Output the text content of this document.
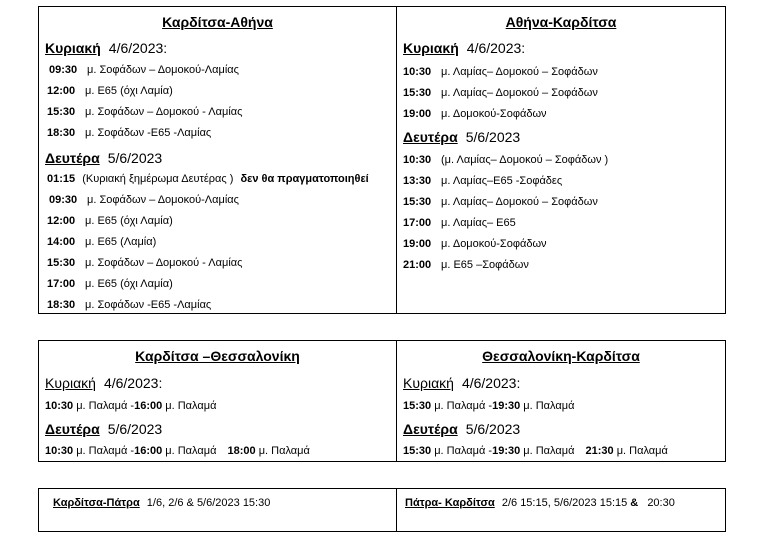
Καρδίτσα-Αθήνα
Κυριακή 4/6/2023:
09:30 μ. Σοφάδων – Δομοκού-Λαμίας
12:00 μ. Ε65 (όχι Λαμία)
15:30 μ. Σοφάδων – Δομοκού - Λαμίας
18:30 μ. Σοφάδων -Ε65 -Λαμίας
Δευτέρα 5/6/2023
01:15 (Κυριακή ξημέρωμα Δευτέρας ) δεν θα πραγματοποιηθεί
09:30 μ. Σοφάδων – Δομοκού-Λαμίας
12:00 μ. Ε65 (όχι Λαμία)
14:00 μ. Ε65 (Λαμία)
15:30 μ. Σοφάδων – Δομοκού - Λαμίας
17:00 μ. Ε65 (όχι Λαμία)
18:30 μ. Σοφάδων -Ε65 -Λαμίας
Αθήνα-Καρδίτσα
Κυριακή 4/6/2023:
10:30 μ. Λαμίας– Δομοκού – Σοφάδων
15:30 μ. Λαμίας– Δομοκού – Σοφάδων
19:00 μ. Δομοκού-Σοφάδων
Δευτέρα 5/6/2023
10:30 (μ. Λαμίας– Δομοκού – Σοφάδων )
13:30 μ. Λαμίας–Ε65 -Σοφάδες
15:30 μ. Λαμίας– Δομοκού – Σοφάδων
17:00 μ. Λαμίας– Ε65
19:00 μ. Δομοκού-Σοφάδων
21:00 μ. Ε65 –Σοφάδων
Καρδίτσα –Θεσσαλονίκη
Κυριακή 4/6/2023:
10:30 μ. Παλαμά -16:00 μ. Παλαμά
Δευτέρα 5/6/2023
10:30 μ. Παλαμά -16:00 μ. Παλαμά 18:00 μ. Παλαμά
Θεσσαλονίκη-Καρδίτσα
Κυριακή 4/6/2023:
15:30 μ. Παλαμά -19:30 μ. Παλαμά
Δευτέρα 5/6/2023
15:30 μ. Παλαμά -19:30 μ. Παλαμά 21:30 μ. Παλαμά
Καρδίτσα-Πάτρα 1/6, 2/6 & 5/6/2023 15:30	Πάτρα- Καρδίτσα 2/6 15:15, 5/6/2023 15:15 & 20:30
